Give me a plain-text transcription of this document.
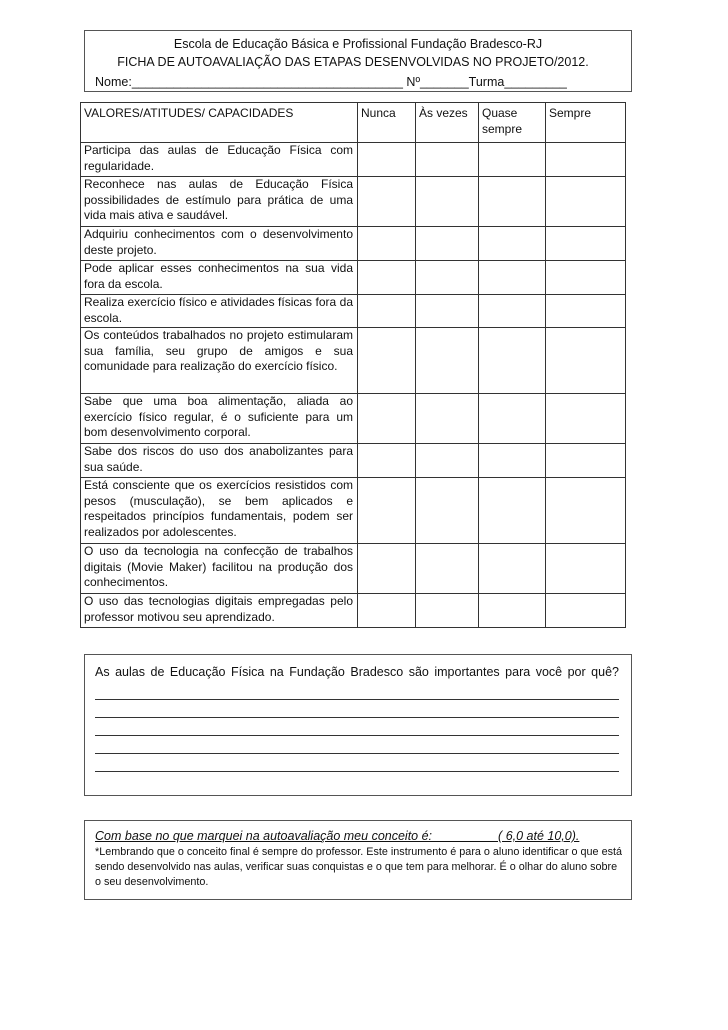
Escola de Educação Básica e Profissional Fundação Bradesco-RJ
FICHA DE AUTOAVALIAÇÃO DAS ETAPAS DESENVOLVIDAS NO PROJETO/2012.
Nome:_______________________________________ Nº_______Turma_________
VALORES/ATITUDES/ CAPACIDADES	Nunca	Às vezes	Quase sempre	Sempre
Participa das aulas de Educação Física com regularidade.				
Reconhece nas aulas de Educação Física possibilidades de estímulo para prática de uma vida mais ativa e saudável.				
Adquiriu conhecimentos com o desenvolvimento deste projeto.				
Pode aplicar esses conhecimentos na sua vida fora da escola.				
Realiza exercício físico e atividades físicas fora da escola.				
Os conteúdos trabalhados no projeto estimularam sua família, seu grupo de amigos e sua comunidade para realização do exercício físico.				
Sabe que uma boa alimentação, aliada ao exercício físico regular, é o suficiente para um bom desenvolvimento corporal.				
Sabe dos riscos do uso dos anabolizantes para sua saúde.				
Está consciente que os exercícios resistidos com pesos (musculação), se bem aplicados e respeitados princípios fundamentais, podem ser realizados por adolescentes.				
O uso da tecnologia na confecção de trabalhos digitais (Movie Maker) facilitou na produção dos conhecimentos.				
O uso das tecnologias digitais empregadas pelo professor motivou seu aprendizado.				
As aulas de Educação Física na Fundação Bradesco são importantes para você por quê?
Com base no que marquei na autoavaliação meu conceito é:_________ ( 6,0 até 10,0).
*Lembrando que o conceito final é sempre do professor. Este instrumento é para o aluno identificar o que está sendo desenvolvido nas aulas, verificar suas conquistas e o que tem para melhorar. É o olhar do aluno sobre o seu desenvolvimento.
